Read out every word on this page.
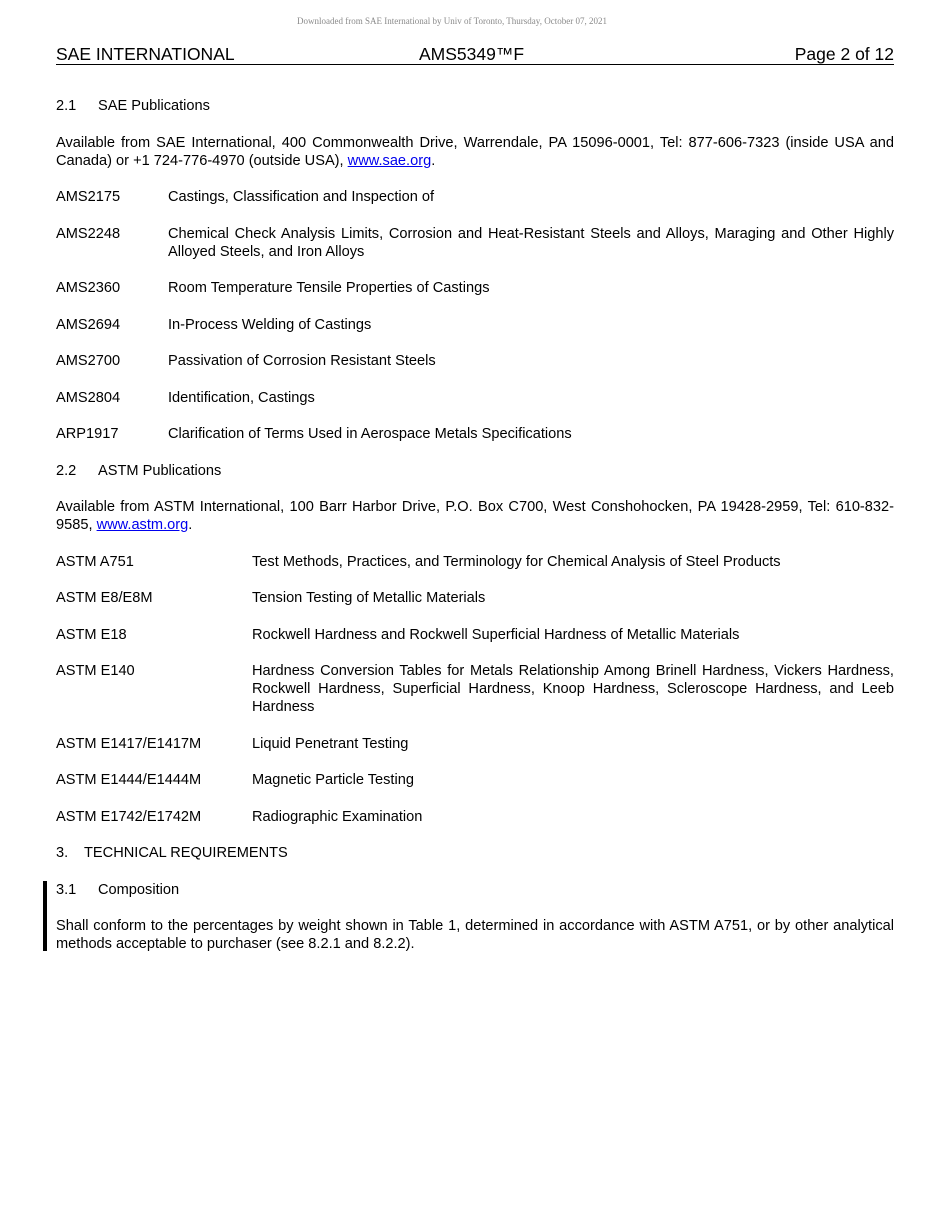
Downloaded from SAE International by Univ of Toronto, Thursday, October 07, 2021
SAE INTERNATIONAL	AMS5349™F	Page 2 of 12
2.1 SAE Publications

Available from SAE International, 400 Commonwealth Drive, Warrendale, PA 15096-0001, Tel: 877-606-7323 (inside USA and Canada) or +1 724-776-4970 (outside USA), www.sae.org.

AMS2175	Castings, Classification and Inspection of
AMS2248	Chemical Check Analysis Limits, Corrosion and Heat-Resistant Steels and Alloys, Maraging and Other Highly Alloyed Steels, and Iron Alloys
AMS2360	Room Temperature Tensile Properties of Castings
AMS2694	In-Process Welding of Castings
AMS2700	Passivation of Corrosion Resistant Steels
AMS2804	Identification, Castings
ARP1917	Clarification of Terms Used in Aerospace Metals Specifications
2.2 ASTM Publications

Available from ASTM International, 100 Barr Harbor Drive, P.O. Box C700, West Conshohocken, PA 19428-2959, Tel: 610-832-9585, www.astm.org.

ASTM A751	Test Methods, Practices, and Terminology for Chemical Analysis of Steel Products
ASTM E8/E8M	Tension Testing of Metallic Materials
ASTM E18	Rockwell Hardness and Rockwell Superficial Hardness of Metallic Materials
ASTM E140	Hardness Conversion Tables for Metals Relationship Among Brinell Hardness, Vickers Hardness, Rockwell Hardness, Superficial Hardness, Knoop Hardness, Scleroscope Hardness, and Leeb Hardness
ASTM E1417/E1417M	Liquid Penetrant Testing
ASTM E1444/E1444M	Magnetic Particle Testing
ASTM E1742/E1742M	Radiographic Examination
3. TECHNICAL REQUIREMENTS
3.1 Composition

Shall conform to the percentages by weight shown in Table 1, determined in accordance with ASTM A751, or by other analytical methods acceptable to purchaser (see 8.2.1 and 8.2.2).
